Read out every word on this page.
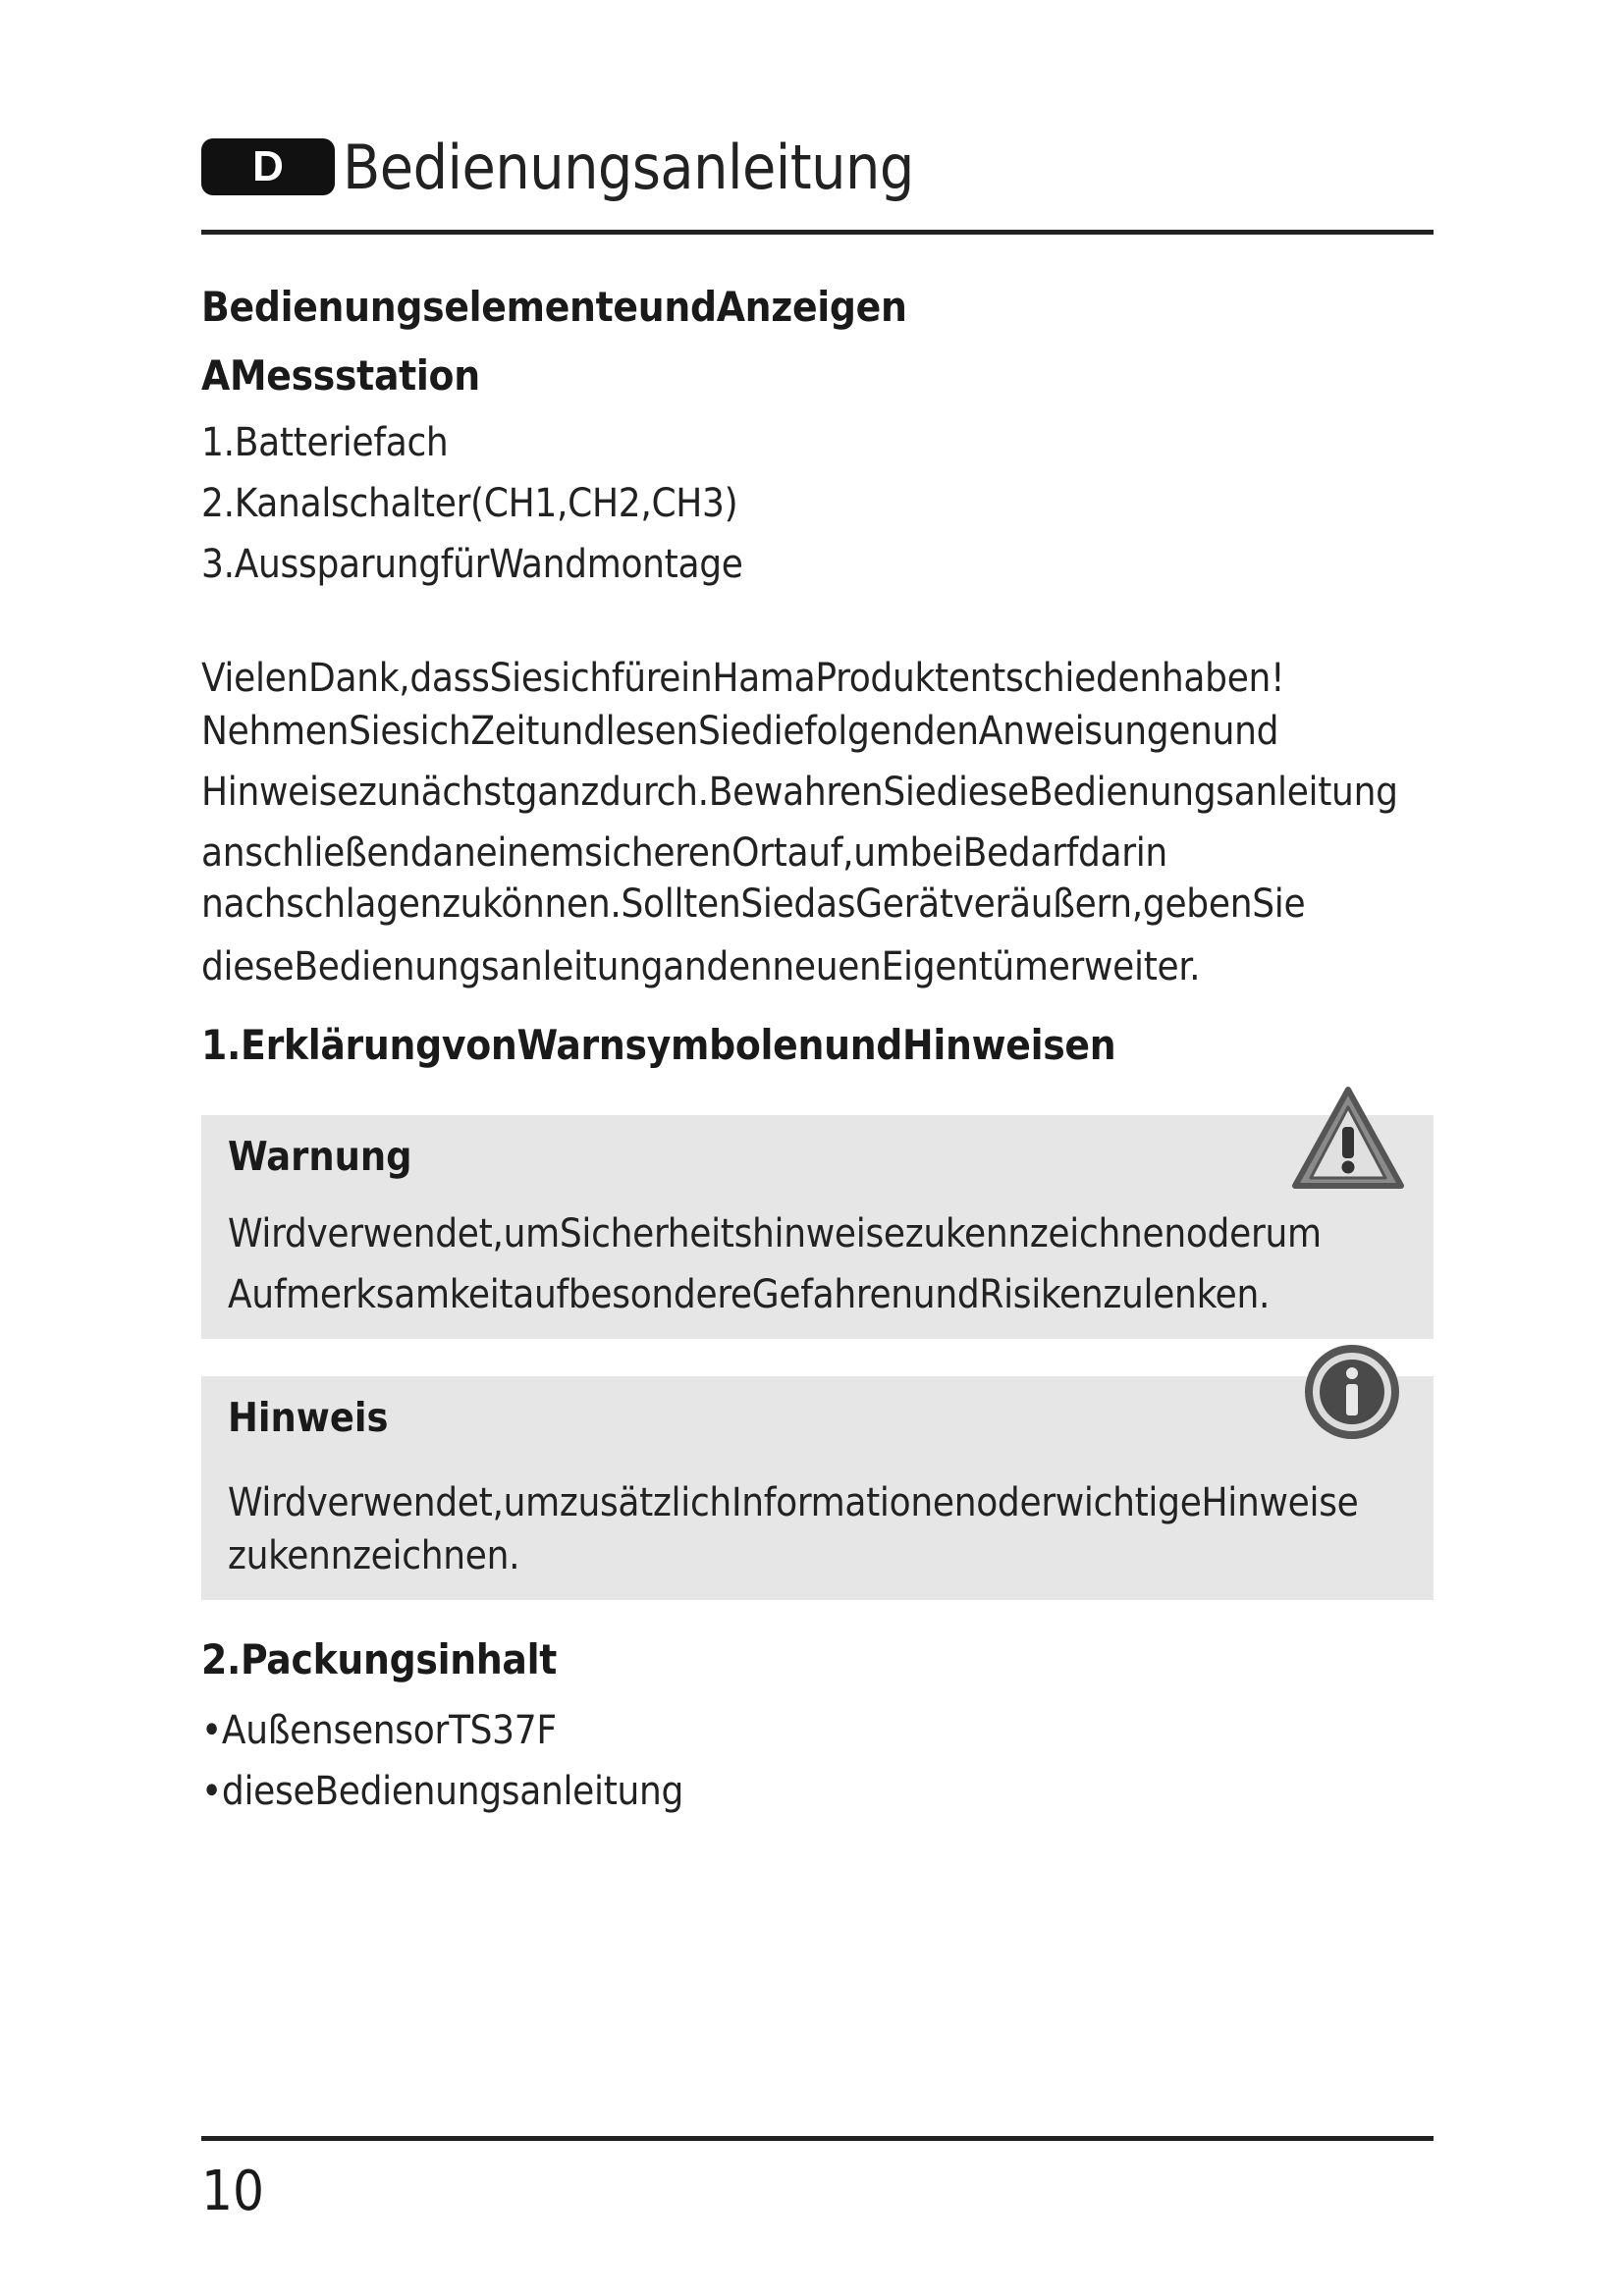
D Bedienungsanleitung
BedienungselementeundAnzeigen
AMessstation
1.Batteriefach
2.Kanalschalter(CH1,CH2,CH3)
3.AussparungfürWandmontage
VielenDank,dassSiesichfüreinHamaProduktentschiedenhaben!
NehmenSiesichZeitundlesenSiediefolgendenAnweisungenund
Hinweisezunächstganzdurch.BewahrenSiedieseBedienungsanleitung
anschließendaneinemsicherenOrtauf,umbeiBedarfdarin
nachschlagenzukönnen.SolltenSiedasGerätveräußern,gebenSie
dieseBedienungsanleitungandenneuenEigentümerweiter.
1.ErklärungvonWarnsymbolenundHinweisen
Warnung
Wirdverwendet,umSicherheitshinweisezukennzeichnenoderum
AufmerksamkeitaufbesondereGefahrenundRisikenzulenken.
Hinweis
Wirdverwendet,umzusätzlichInformationenoderwichtigeHinweise
zukennzeichnen.
2.Packungsinhalt
•AußensensorTS37F
•dieseBedienungsanleitung
10
